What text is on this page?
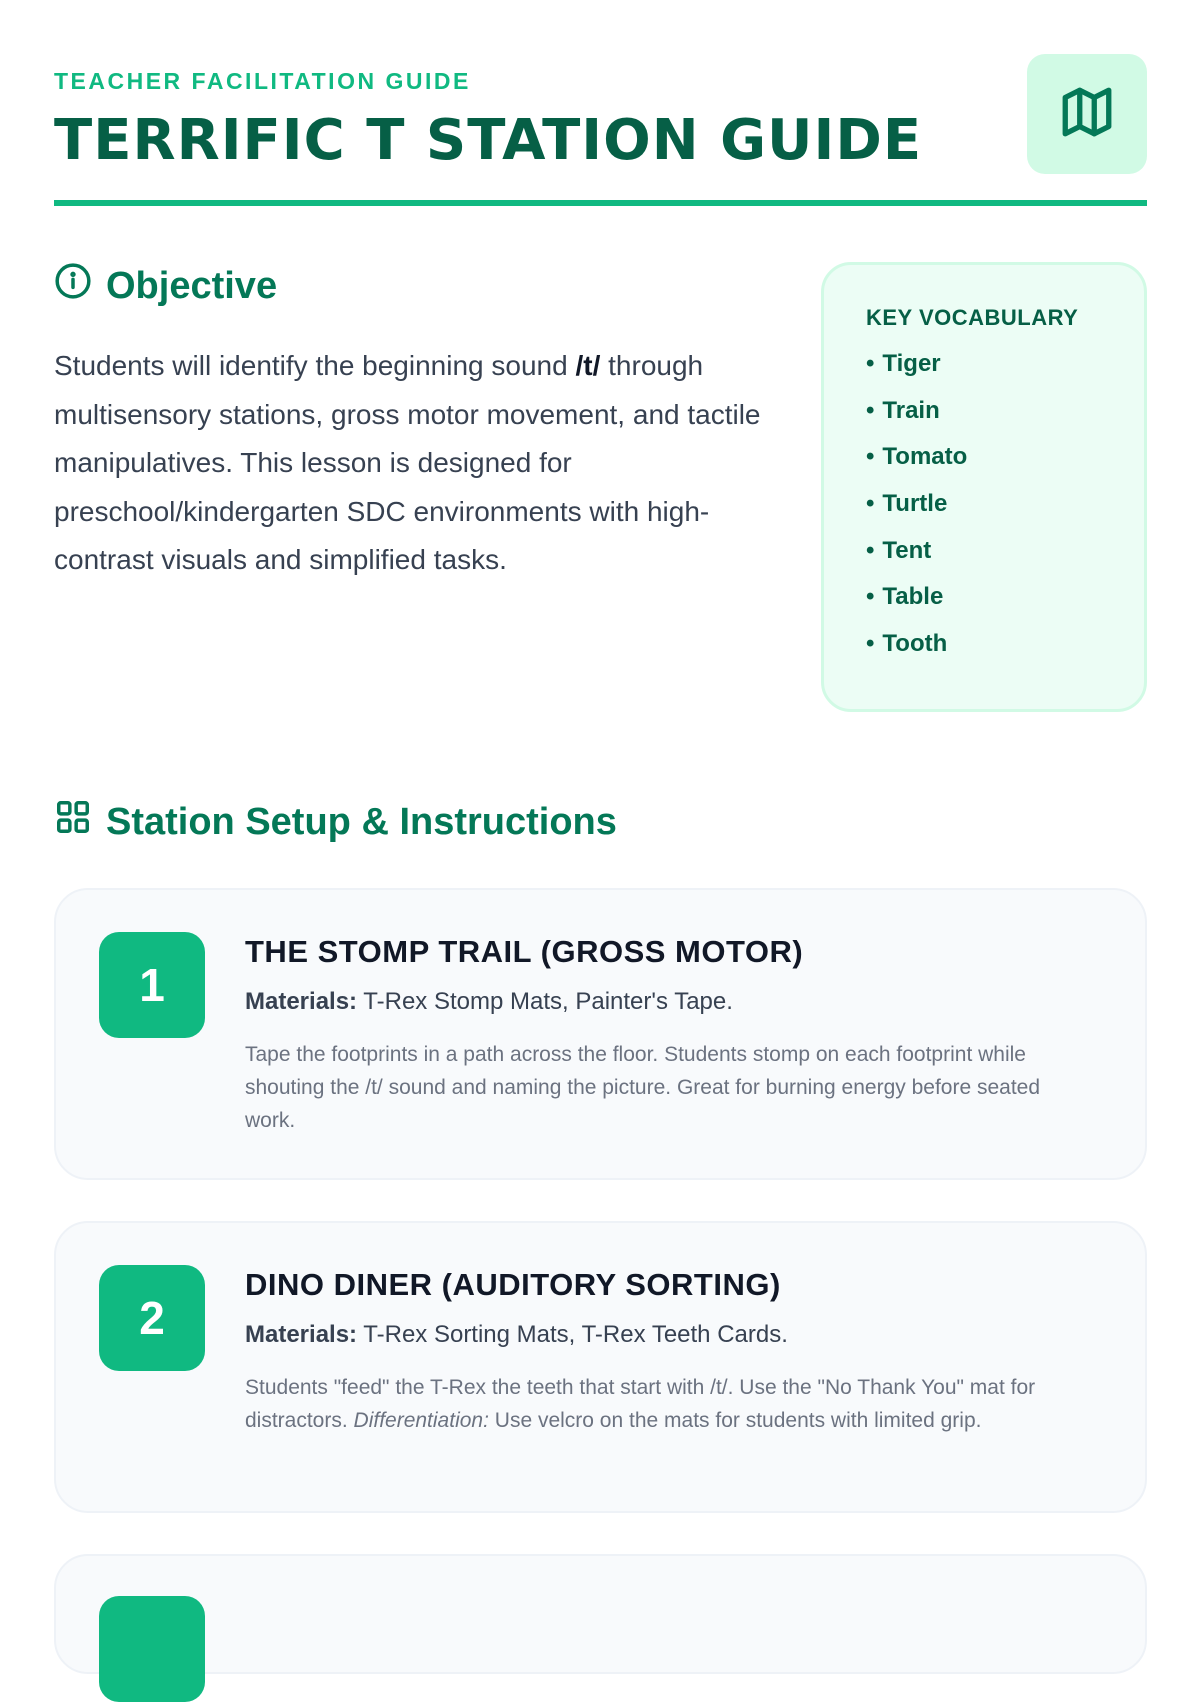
TEACHER FACILITATION GUIDE
TERRIFIC T STATION GUIDE
Objective
Students will identify the beginning sound /t/ through multisensory stations, gross motor movement, and tactile manipulatives. This lesson is designed for preschool/kindergarten SDC environments with high-contrast visuals and simplified tasks.
KEY VOCABULARY
• Tiger
• Train
• Tomato
• Turtle
• Tent
• Table
• Tooth
Station Setup & Instructions
1
THE STOMP TRAIL (GROSS MOTOR)
Materials: T-Rex Stomp Mats, Painter's Tape.
Tape the footprints in a path across the floor. Students stomp on each footprint while shouting the /t/ sound and naming the picture. Great for burning energy before seated work.
2
DINO DINER (AUDITORY SORTING)
Materials: T-Rex Sorting Mats, T-Rex Teeth Cards.
Students "feed" the T-Rex the teeth that start with /t/. Use the "No Thank You" mat for distractors. Differentiation: Use velcro on the mats for students with limited grip.
